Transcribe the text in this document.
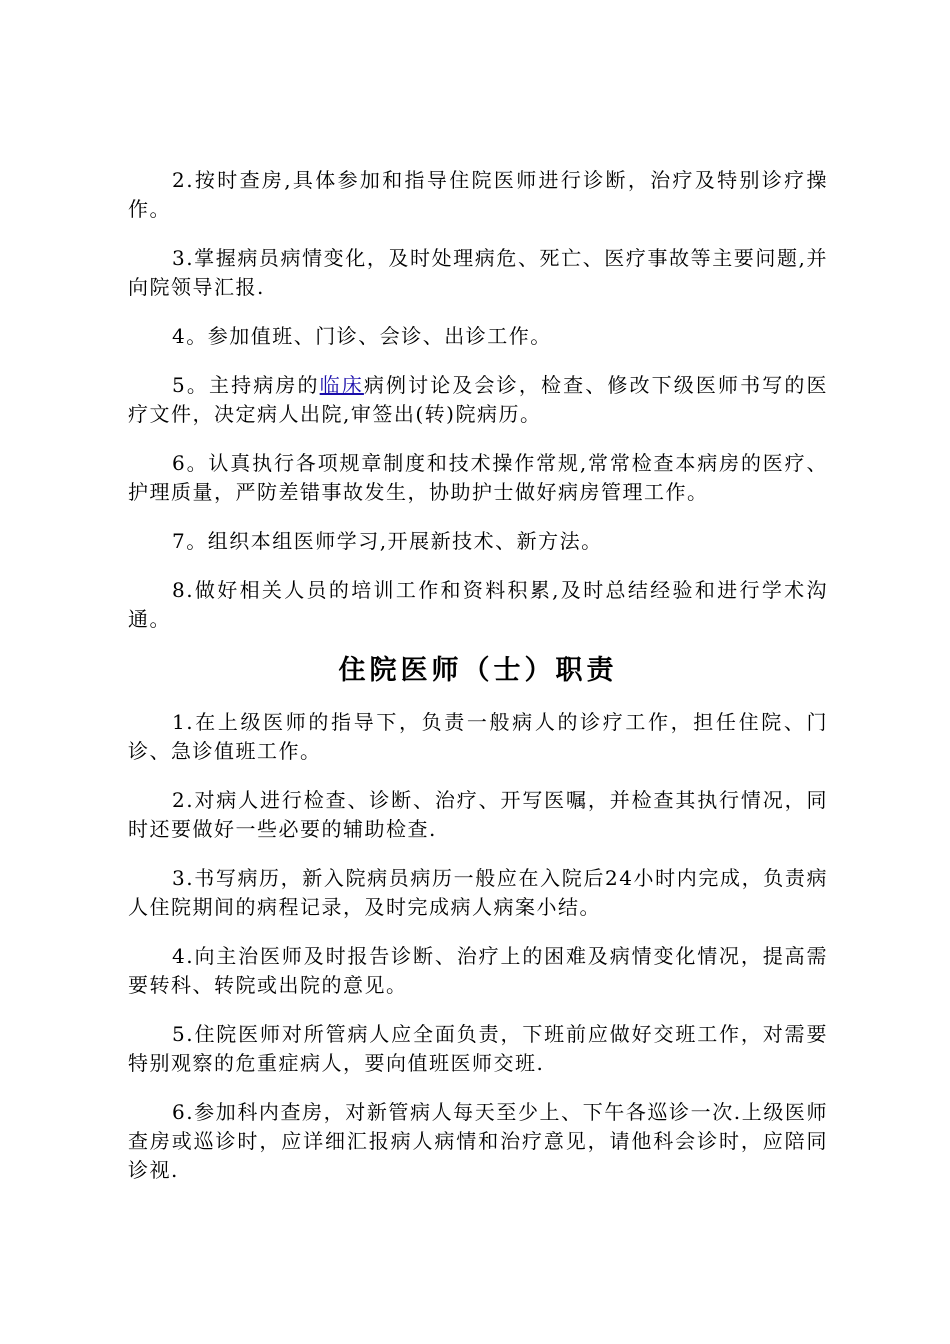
2.按时查房,具体参加和指导住院医师进行诊断，治疗及特别诊疗操作。

3.掌握病员病情变化，及时处理病危、死亡、医疗事故等主要问题,并向院领导汇报.

4。参加值班、门诊、会诊、出诊工作。

5。主持病房的临床病例讨论及会诊，检查、修改下级医师书写的医疗文件，决定病人出院,审签出(转)院病历。

6。认真执行各项规章制度和技术操作常规,常常检查本病房的医疗、护理质量，严防差错事故发生，协助护士做好病房管理工作。

7。组织本组医师学习,开展新技术、新方法。

8.做好相关人员的培训工作和资料积累,及时总结经验和进行学术沟通。

住院医师（士）职责

1.在上级医师的指导下，负责一般病人的诊疗工作，担任住院、门诊、急诊值班工作。

2.对病人进行检查、诊断、治疗、开写医嘱，并检查其执行情况，同时还要做好一些必要的辅助检查.

3.书写病历，新入院病员病历一般应在入院后24小时内完成，负责病人住院期间的病程记录，及时完成病人病案小结。

4.向主治医师及时报告诊断、治疗上的困难及病情变化情况，提高需要转科、转院或出院的意见。

5.住院医师对所管病人应全面负责，下班前应做好交班工作，对需要特别观察的危重症病人，要向值班医师交班.

6.参加科内查房，对新管病人每天至少上、下午各巡诊一次.上级医师查房或巡诊时，应详细汇报病人病情和治疗意见，请他科会诊时，应陪同诊视.
